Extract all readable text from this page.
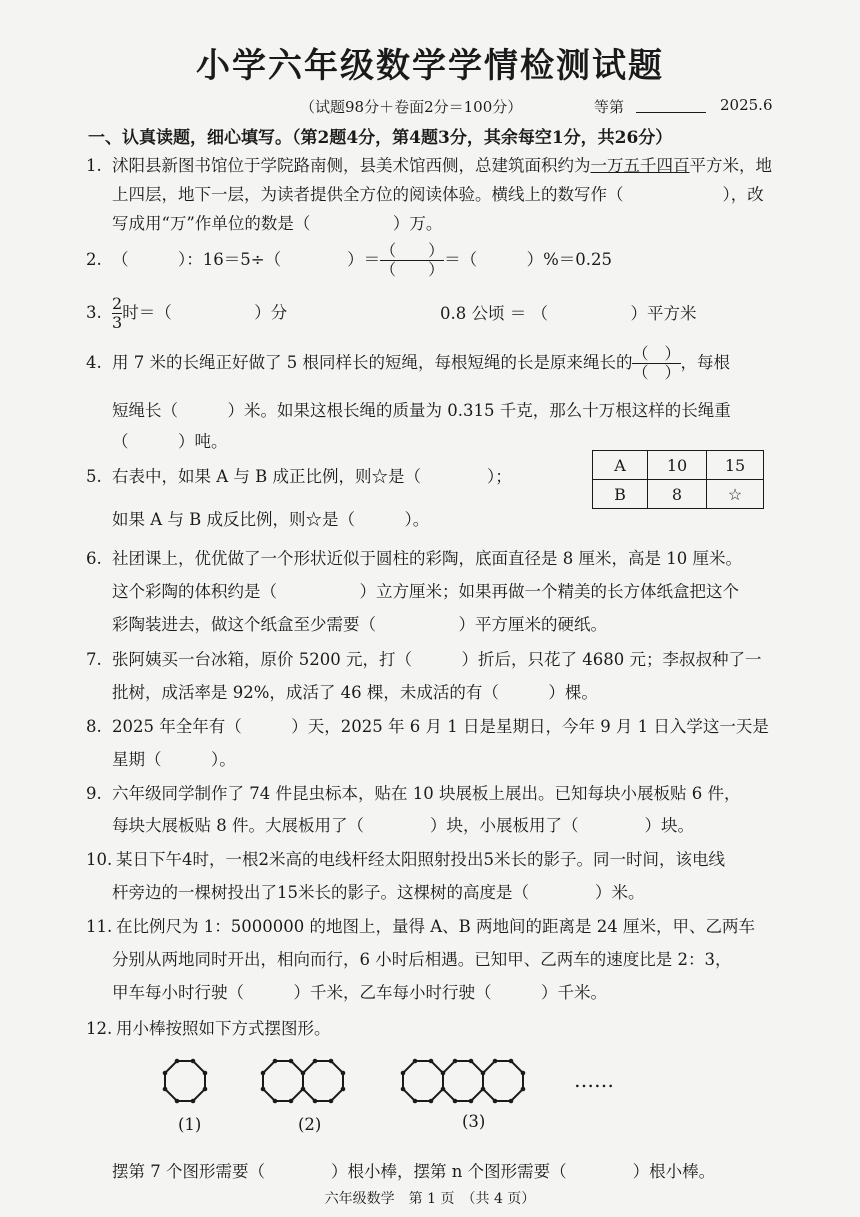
小学六年级数学学情检测试题
（试题98分＋卷面2分＝100分）	等第	2025.6
一、认真读题，细心填写。（第2题4分，第4题3分，其余每空1分，共26分）
1. 沭阳县新图书馆位于学院路南侧，县美术馆西侧，总建筑面积约为一万五千四百平方米，地
上四层，地下一层，为读者提供全方位的阅读体验。横线上的数写作（　　　　　　），改
写成用“万”作单位的数是（　　　　　）万。
2. （　　　）：16＝5÷（　　　　）＝ $\frac{( )}{( )}$ ＝（　　　）%＝0.25
3. $\frac{2}{3}$ 时＝（　　　　　）分	0.8 公顷 ＝ （　　　　　）平方米
4. 用 7 米的长绳正好做了 5 根同样长的短绳，每根短绳的长是原来绳长的 $\frac{( )}{( )}$ ，每根
短绳长（　　　）米。如果这根长绳的质量为 0.315 千克，那么十万根这样的长绳重
（　　　）吨。
5. 右表中，如果 A 与 B 成正比例，则☆是（　　　　）；
如果 A 与 B 成反比例，则☆是（　　　）。
A	10	15
B	8	☆
6. 社团课上，优优做了一个形状近似于圆柱的彩陶，底面直径是 8 厘米，高是 10 厘米。
这个彩陶的体积约是（　　　　　）立方厘米；如果再做一个精美的长方体纸盒把这个
彩陶装进去，做这个纸盒至少需要（　　　　　）平方厘米的硬纸。
7. 张阿姨买一台冰箱，原价 5200 元，打（　　　）折后，只花了 4680 元；李叔叔种了一
批树，成活率是 92%，成活了 46 棵，未成活的有（　　　）棵。
8. 2025 年全年有（　　　）天，2025 年 6 月 1 日是星期日，今年 9 月 1 日入学这一天是
星期（　　　）。
9. 六年级同学制作了 74 件昆虫标本，贴在 10 块展板上展出。已知每块小展板贴 6 件，
每块大展板贴 8 件。大展板用了（　　　　）块，小展板用了（　　　　）块。
10. 某日下午4时，一根2米高的电线杆经太阳照射投出5米长的影子。同一时间，该电线
杆旁边的一棵树投出了15米长的影子。这棵树的高度是（　　　　）米。
11. 在比例尺为 1：5000000 的地图上，量得 A、B 两地间的距离是 24 厘米，甲、乙两车
分别从两地同时开出，相向而行，6 小时后相遇。已知甲、乙两车的速度比是 2：3，
甲车每小时行驶（　　　）千米，乙车每小时行驶（　　　）千米。
12. 用小棒按照如下方式摆图形。
(1)	(2)	(3)
……
摆第 7 个图形需要（　　　　）根小棒，摆第 n 个图形需要（　　　　）根小棒。
六年级数学　第 1 页　（共 4 页）
